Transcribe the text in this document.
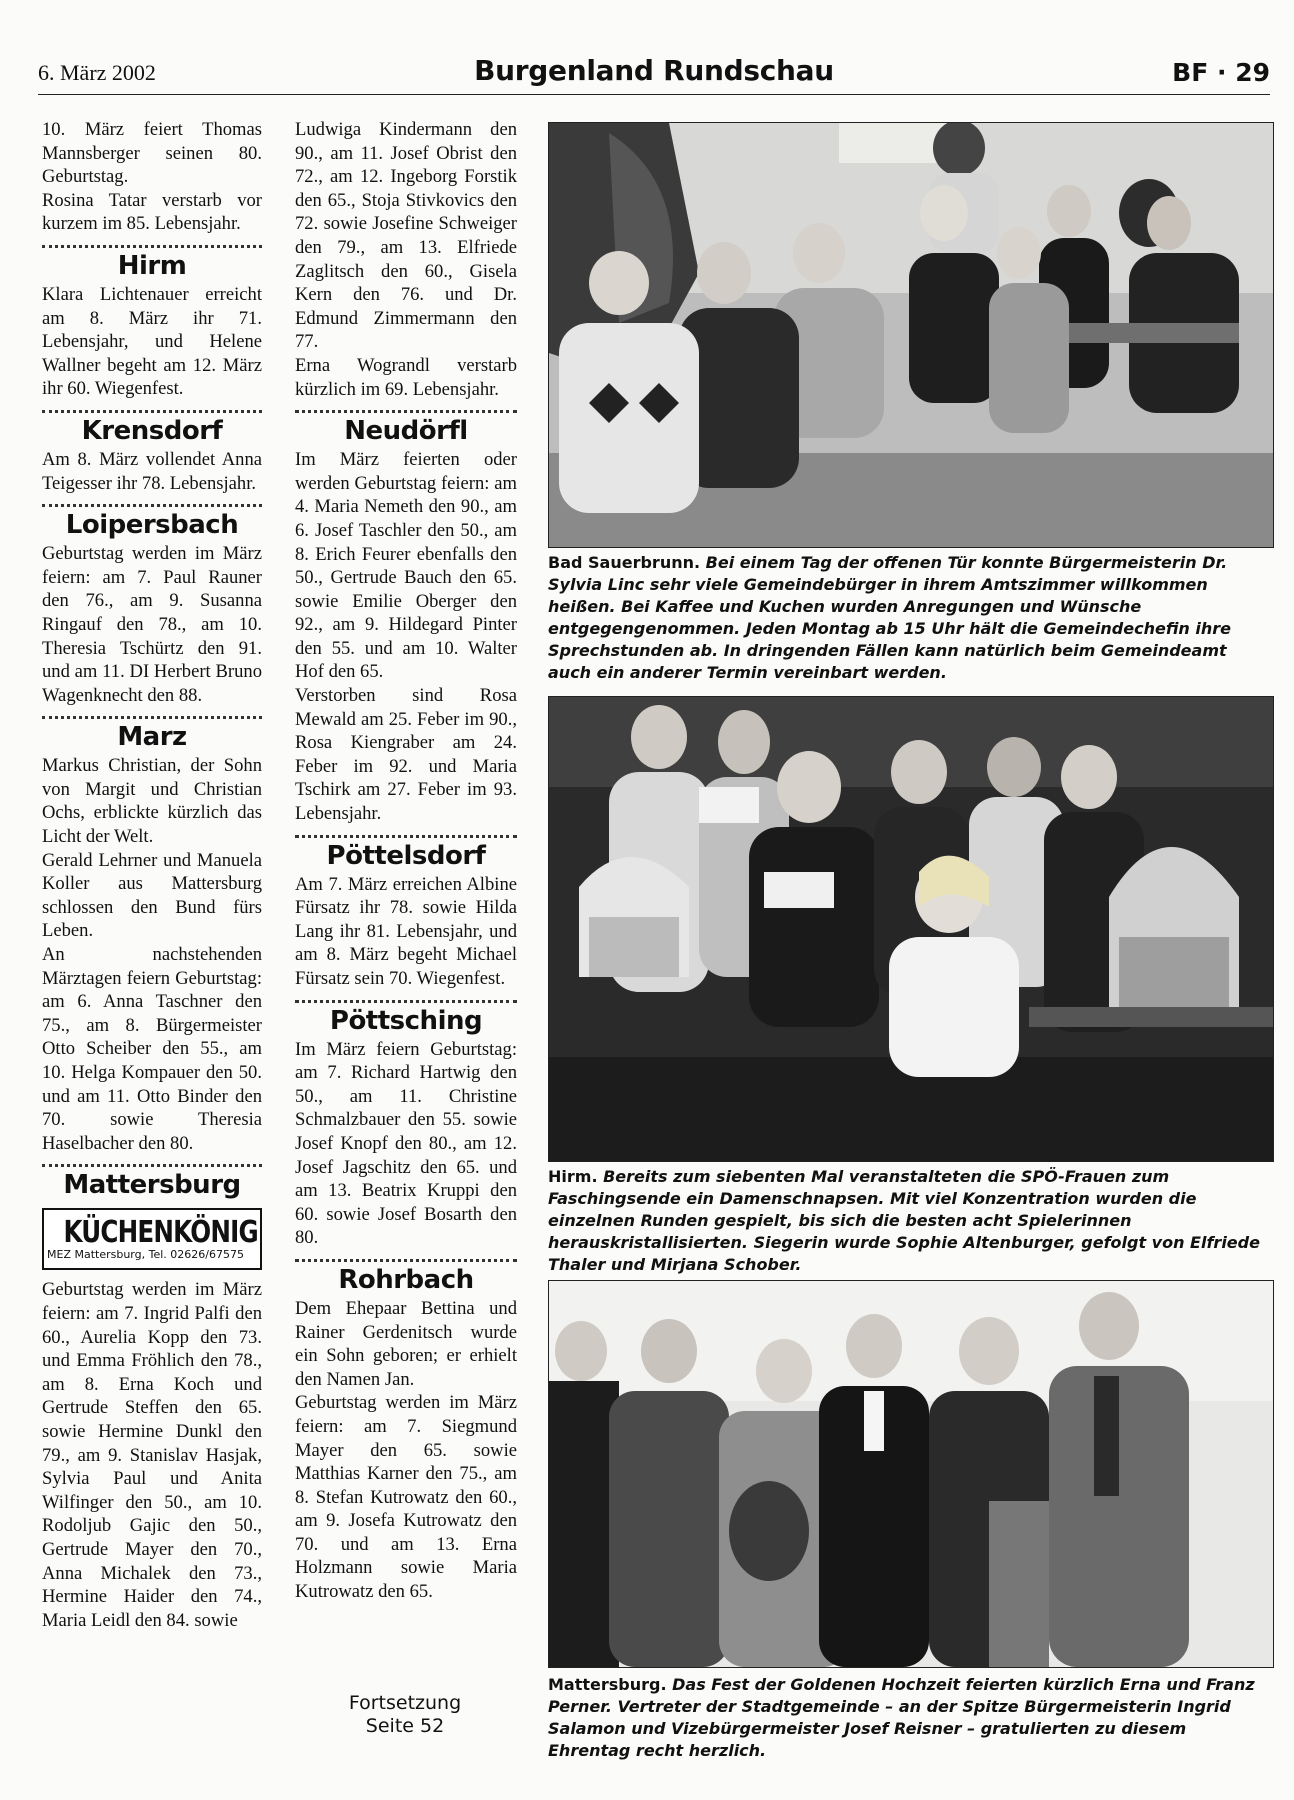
6. März 2002	Burgenland Rundschau	BF · 29

10. März feiert Thomas Mannsberger seinen 80. Geburtstag.

Rosina Tatar verstarb vor kurzem im 85. Lebensjahr.

Hirm

Klara Lichtenauer erreicht am 8. März ihr 71. Lebensjahr, und Helene Wallner begeht am 12. März ihr 60. Wiegenfest.

Krensdorf

Am 8. März vollendet Anna Teigesser ihr 78. Lebensjahr.

Loipersbach

Geburtstag werden im März feiern: am 7. Paul Rauner den 76., am 9. Susanna Ringauf den 78., am 10. Theresia Tschürtz den 91. und am 11. DI Herbert Bruno Wagenknecht den 88.

Marz

Markus Christian, der Sohn von Margit und Christian Ochs, erblickte kürzlich das Licht der Welt.

Gerald Lehrner und Manuela Koller aus Mattersburg schlossen den Bund fürs Leben.

An nachstehenden Märztagen feiern Geburtstag: am 6. Anna Taschner den 75., am 8. Bürgermeister Otto Scheiber den 55., am 10. Helga Kompauer den 50. und am 11. Otto Binder den 70. sowie Theresia Haselbacher den 80.

Mattersburg
KÜCHENKÖNIG
MEZ Mattersburg, Tel. 02626/67575

Geburtstag werden im März feiern: am 7. Ingrid Palfi den 60., Aurelia Kopp den 73. und Emma Fröhlich den 78., am 8. Erna Koch und Gertrude Steffen den 65. sowie Hermine Dunkl den 79., am 9. Stanislav Hasjak, Sylvia Paul und Anita Wilfinger den 50., am 10. Rodoljub Gajic den 50., Gertrude Mayer den 70., Anna Michalek den 73., Hermine Haider den 74., Maria Leidl den 84. sowie

Ludwiga Kindermann den 90., am 11. Josef Obrist den 72., am 12. Ingeborg Forstik den 65., Stoja Stivkovics den 72. sowie Josefine Schweiger den 79., am 13. Elfriede Zaglitsch den 60., Gisela Kern den 76. und Dr. Edmund Zimmermann den 77.

Erna Wograndl verstarb kürzlich im 69. Lebensjahr.

Neudörfl

Im März feierten oder werden Geburtstag feiern: am 4. Maria Nemeth den 90., am 6. Josef Taschler den 50., am 8. Erich Feurer ebenfalls den 50., Gertrude Bauch den 65. sowie Emilie Oberger den 92., am 9. Hildegard Pinter den 55. und am 10. Walter Hof den 65.

Verstorben sind Rosa Mewald am 25. Feber im 90., Rosa Kiengraber am 24. Feber im 92. und Maria Tschirk am 27. Feber im 93. Lebensjahr.

Pöttelsdorf

Am 7. März erreichen Albine Fürsatz ihr 78. sowie Hilda Lang ihr 81. Lebensjahr, und am 8. März begeht Michael Fürsatz sein 70. Wiegenfest.

Pöttsching

Im März feiern Geburtstag: am 7. Richard Hartwig den 50., am 11. Christine Schmalzbauer den 55. sowie Josef Knopf den 80., am 12. Josef Jagschitz den 65. und am 13. Beatrix Kruppi den 60. sowie Josef Bosarth den 80.

Rohrbach

Dem Ehepaar Bettina und Rainer Gerdenitsch wurde ein Sohn geboren; er erhielt den Namen Jan.

Geburtstag werden im März feiern: am 7. Siegmund Mayer den 65. sowie Matthias Karner den 75., am 8. Stefan Kutrowatz den 60., am 9. Josefa Kutrowatz den 70. und am 13. Erna Holzmann sowie Maria Kutrowatz den 65.

Fortsetzung
Seite 52
Bad Sauerbrunn. Bei einem Tag der offenen Tür konnte Bürgermeisterin Dr. Sylvia Linc sehr viele Gemeindebürger in ihrem Amtszimmer willkommen heißen. Bei Kaffee und Kuchen wurden Anregungen und Wünsche entgegengenommen. Jeden Montag ab 15 Uhr hält die Gemeindechefin ihre Sprechstunden ab. In dringenden Fällen kann natürlich beim Gemeindeamt auch ein anderer Termin vereinbart werden.
Hirm. Bereits zum siebenten Mal veranstalteten die SPÖ-Frauen zum Faschingsende ein Damenschnapsen. Mit viel Konzentration wurden die einzelnen Runden gespielt, bis sich die besten acht Spielerinnen herauskristallisierten. Siegerin wurde Sophie Altenburger, gefolgt von Elfriede Thaler und Mirjana Schober.
Mattersburg. Das Fest der Goldenen Hochzeit feierten kürzlich Erna und Franz Perner. Vertreter der Stadtgemeinde – an der Spitze Bürgermeisterin Ingrid Salamon und Vizebürgermeister Josef Reisner – gratulierten zu diesem Ehrentag recht herzlich.
